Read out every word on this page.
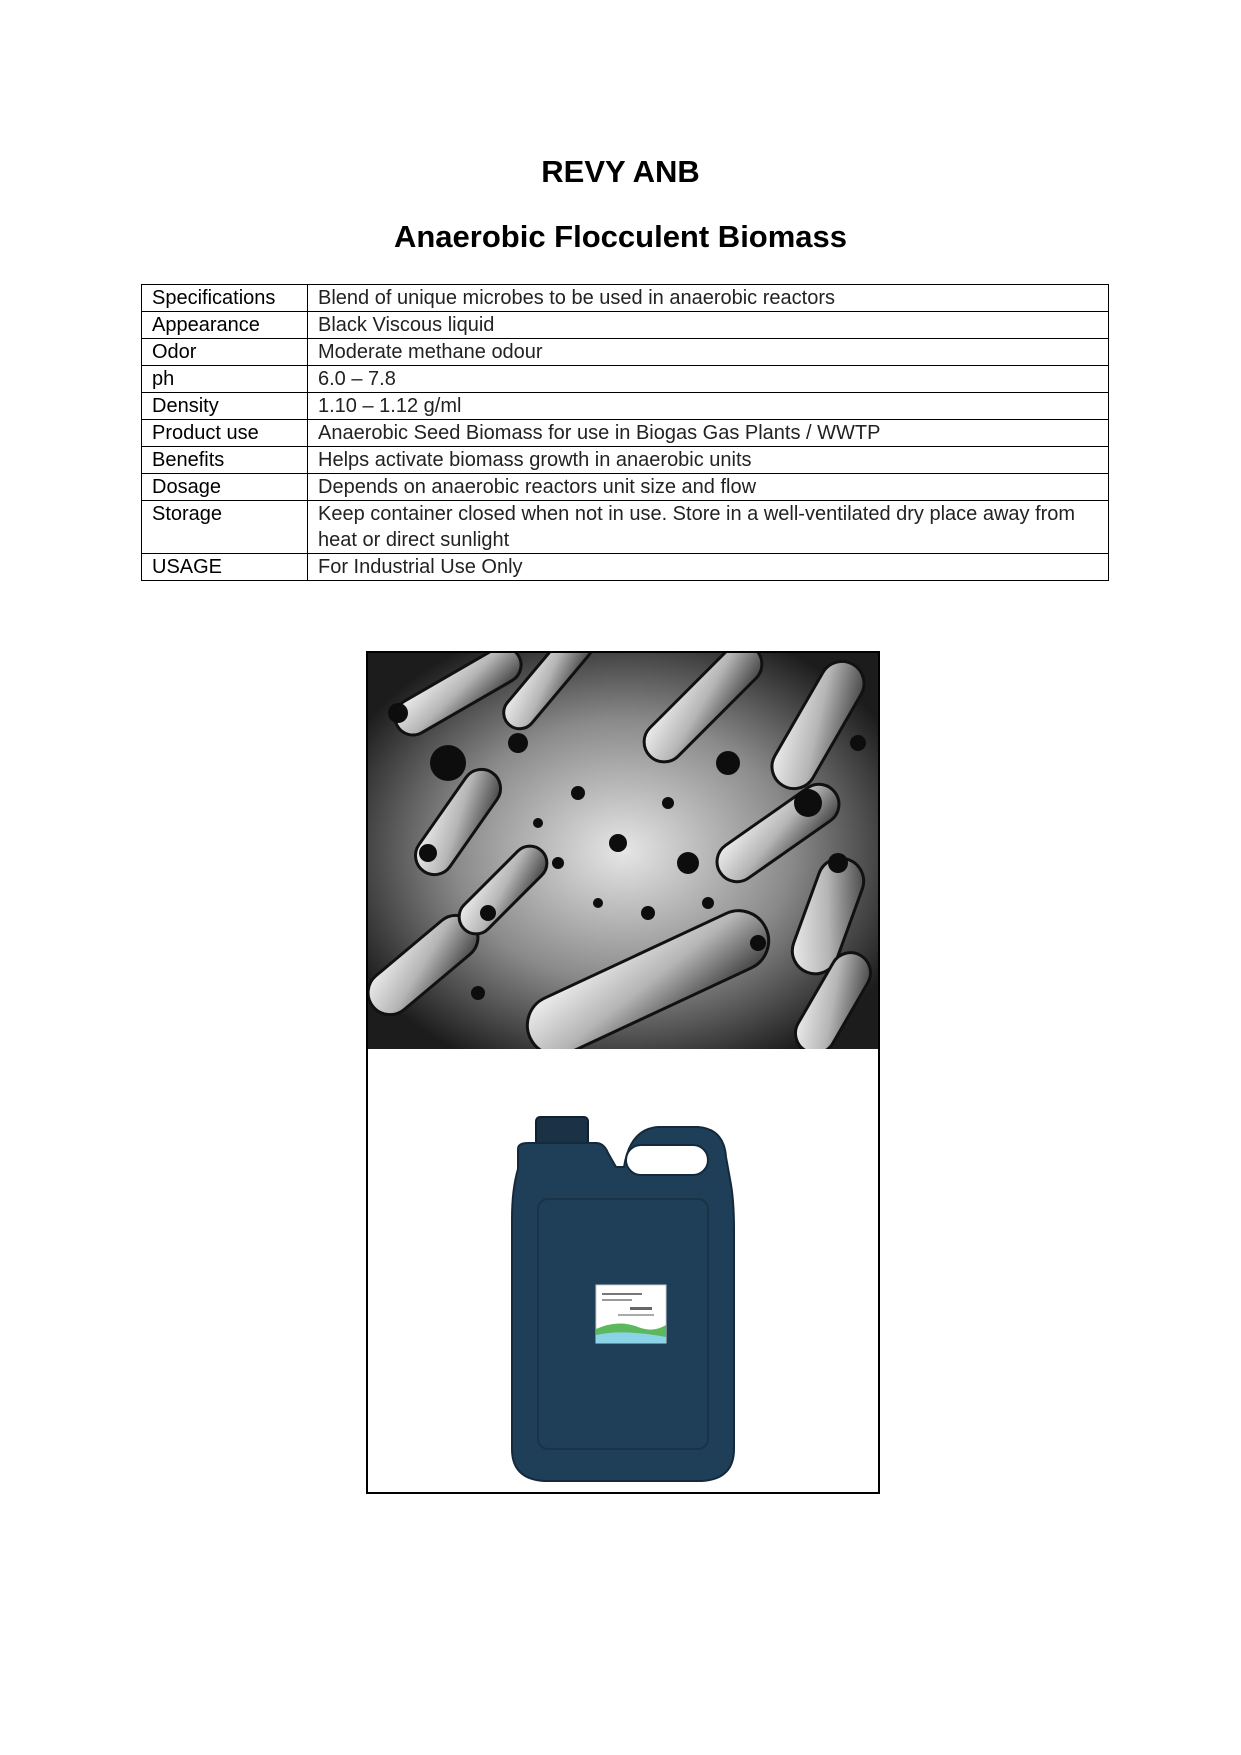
REVY ANB
Anaerobic Flocculent Biomass
Specifications	Blend of unique microbes to be used in anaerobic reactors
Appearance	Black Viscous liquid
Odor	Moderate methane odour
ph	6.0 – 7.8
Density	1.10 – 1.12 g/ml
Product use	Anaerobic Seed Biomass for use in Biogas Gas Plants / WWTP
Benefits	Helps activate biomass growth in anaerobic units
Dosage	Depends on anaerobic reactors unit size and flow
Storage	Keep container closed when not in use. Store in a well-ventilated dry place away from heat or direct sunlight
USAGE	For Industrial Use Only
